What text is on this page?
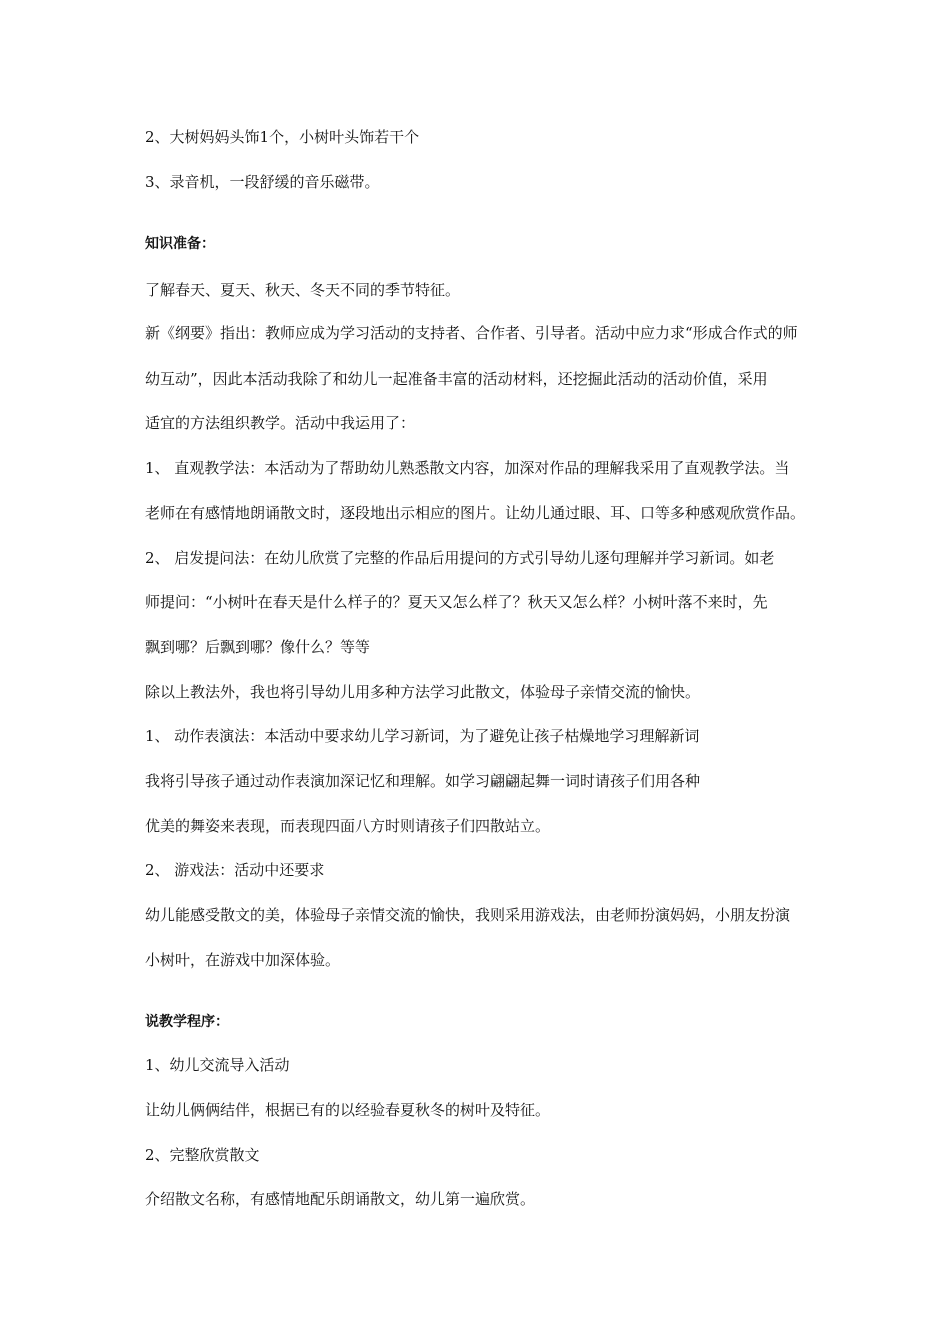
2、大树妈妈头饰1个，小树叶头饰若干个
3、录音机，一段舒缓的音乐磁带。
知识准备：
了解春天、夏天、秋天、冬天不同的季节特征。
新《纲要》指出：教师应成为学习活动的支持者、合作者、引导者。活动中应力求“形成合作式的师
幼互动”，因此本活动我除了和幼儿一起准备丰富的活动材料，还挖掘此活动的活动价值，采用
适宜的方法组织教学。活动中我运用了：
1、 直观教学法：本活动为了帮助幼儿熟悉散文内容，加深对作品的理解我采用了直观教学法。当
老师在有感情地朗诵散文时，逐段地出示相应的图片。让幼儿通过眼、耳、口等多种感观欣赏作品。
2、 启发提问法：在幼儿欣赏了完整的作品后用提问的方式引导幼儿逐句理解并学习新词。如老
师提问：“小树叶在春天是什么样子的？夏天又怎么样了？秋天又怎么样？小树叶落不来时，先
飘到哪？后飘到哪？像什么？等等
除以上教法外，我也将引导幼儿用多种方法学习此散文，体验母子亲情交流的愉快。
1、 动作表演法：本活动中要求幼儿学习新词，为了避免让孩子枯燥地学习理解新词
我将引导孩子通过动作表演加深记忆和理解。如学习翩翩起舞一词时请孩子们用各种
优美的舞姿来表现，而表现四面八方时则请孩子们四散站立。
2、 游戏法：活动中还要求
幼儿能感受散文的美，体验母子亲情交流的愉快，我则采用游戏法，由老师扮演妈妈，小朋友扮演
小树叶，在游戏中加深体验。
说教学程序：
1、幼儿交流导入活动
让幼儿俩俩结伴，根据已有的以经验春夏秋冬的树叶及特征。
2、完整欣赏散文
介绍散文名称，有感情地配乐朗诵散文，幼儿第一遍欣赏。
